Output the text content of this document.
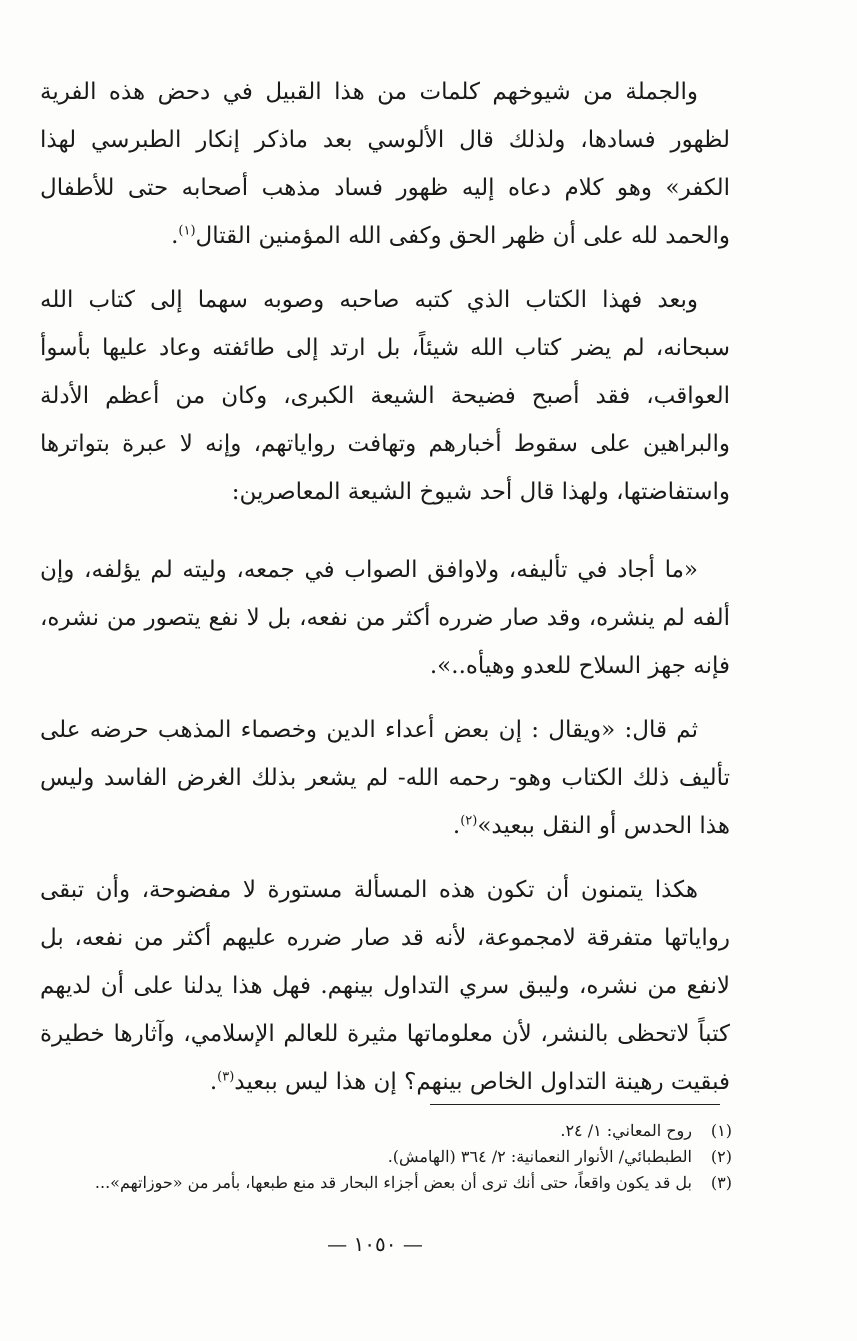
والجملة من شيوخهم كلمات من هذا القبيل في دحض هذه الفرية لظهور فسادها، ولذلك قال الألوسي بعد ماذكر إنكار الطبرسي لهذا الكفر» وهو كلام دعاه إليه ظهور فساد مذهب أصحابه حتى للأطفال والحمد لله على أن ظهر الحق وكفى الله المؤمنين القتال$^{(١)}$.

وبعد فهذا الكتاب الذي كتبه صاحبه وصوبه سهما إلى كتاب الله سبحانه، لم يضر كتاب الله شيئاً، بل ارتد إلى طائفته وعاد عليها بأسوأ العواقب، فقد أصبح فضيحة الشيعة الكبرى، وكان من أعظم الأدلة والبراهين على سقوط أخبارهم وتهافت رواياتهم، وإنه لا عبرة بتواترها واستفاضتها، ولهذا قال أحد شيوخ الشيعة المعاصرين:

«ما أجاد في تأليفه، ولاوافق الصواب في جمعه، وليته لم يؤلفه، وإن ألفه لم ينشره، وقد صار ضرره أكثر من نفعه، بل لا نفع يتصور من نشره، فإنه جهز السلاح للعدو وهيأه..».

ثم قال: «ويقال : إن بعض أعداء الدين وخصماء المذهب حرضه على تأليف ذلك الكتاب وهو- رحمه الله- لم يشعر بذلك الغرض الفاسد وليس هذا الحدس أو النقل ببعيد»$^{(٢)}$.

هكذا يتمنون أن تكون هذه المسألة مستورة لا مفضوحة، وأن تبقى رواياتها متفرقة لامجموعة، لأنه قد صار ضرره عليهم أكثر من نفعه، بل لانفع من نشره، وليبق سري التداول بينهم. فهل هذا يدلنا على أن لديهم كتباً لاتحظى بالنشر، لأن معلوماتها مثيرة للعالم الإسلامي، وآثارها خطيرة فبقيت رهينة التداول الخاص بينهم؟ إن هذا ليس ببعيد$^{(٣)}$.

(١)
روح المعاني: ١/ ٢٤.
(٢)
الطبطبائي/ الأنوار النعمانية: ٢/ ٣٦٤ (الهامش).
(٣)
بل قد يكون واقعاً، حتى أنك ترى أن بعض أجزاء البحار قد منع طبعها، بأمر من «حوزاتهم»...
— ١٠٥٠ —
